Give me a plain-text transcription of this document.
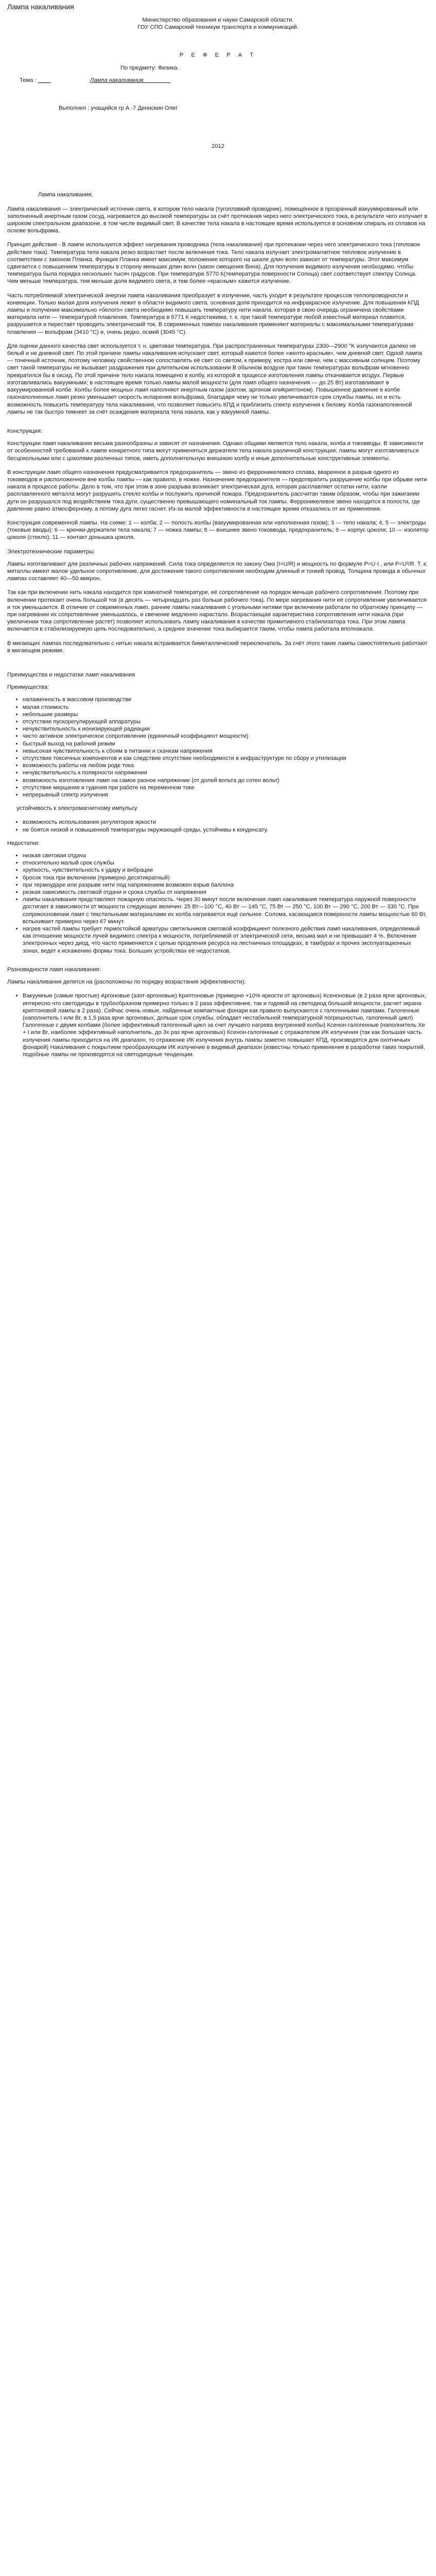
Лампа накаливания

Министерство образования и науки Самарской области.

ГОУ СПО Самарский техникум транспорта и коммуникаций.

Р Е Ф Е Р А Т

По предмету: Физика.

Тема : ____	Лампа накаливания.________

Выполнил : учащийся гр А -7 Денискин Олег

2012

Лампа накаливания.

Лампа накаливания — электрический источник света, в котором тело накала (тугоплавкий проводник), помещённое в прозрачный вакуумированный или заполненный инертным газом сосуд, нагревается до высокой температуры за счёт протекания через него электрического тока, в результате чего излучает в широком спектральном диапазоне, в том числе видимый свет. В качестве тела накала в настоящее время используется в основном спираль из сплавов на основе вольфрама.

Принцип действия - В лампе используется эффект нагревания проводника (тела накаливания) при протекании через него электрического тока (тепловое действие тока). Температура тела накала резко возрастает после включения тока. Тело накала излучает электромагнитное тепловое излучение в соответствии с законом Планка. Функция Планка имеет максимум, положение которого на шкале длин волн зависит от температуры. Этот максимум сдвигается с повышением температуры в сторону меньших длин волн (закон смещения Вина). Для получения видимого излучения необходимо, чтобы температура была порядка нескольких тысяч градусов. При температуре 5770 К(температура поверхности Солнца) свет соответствует спектру Солнца. Чем меньше температура, тем меньше доля видимого света, и тем более «красным» кажется излучение.

Часть потребляемой электрической энергии лампа накаливания преобразует в излучение, часть уходит в результате процессов теплопроводности и конвекции. Только малая доля излучения лежит в области видимого света, основная доля приходится на инфракрасное излучение. Для повышения КПД лампы и получения максимально «белого» света необходимо повышать температуру нити накала, которая в свою очередь ограничена свойствами материала нити — температурой плавления. Температура в 5771 К недостижима, т. к. при такой температуре любой известный материал плавится, разрушается и перестаёт проводить электрический ток. В современных лампах накаливания применяют материалы с максимальными температурами плавления — вольфрам (3410 °C) и, очень редко, осмий (3045 °C).

Для оценки данного качества свет используется т. н. цветовая температура. При распространенных температурах 2300—2900 °K излучаются далеко не белый и не дневной свет. По этой причине лампы накаливания испускают свет, который кажется более «желто-красным», чем дневной свет. Одной лампа — точечный источник, поэтому человеку свойственное сопоставлять её свет со светом, к примеру, костра или свечи, чем с массивным солнцем. Поэтому свет такой температуры не вызывает раздражения при длительном использовании В обычном воздухе при таких температурах вольфрам мгновенно превратился бы в оксид. По этой причине тело накала помещено в колбу, из которой в процессе изготовления лампы откачивается воздух. Первые изготавливались вакуумными; в настоящее время только лампы малой мощности (для ламп общего назначения — до 25 Вт) изготавливают в вакуумированной колбе. Колбы более мощных ламп наполняют инертным газом (азотом, аргоном илиkриптоном). Повышенное давление в колбе газонаполненных ламп резко уменьшает скорость испарения вольфрама, благодаря чему не только увеличивается срок службы лампы, но и есть возможность повысить температуру тела накаливания, что позволяет повысить КПД и приблизить спектр излучения к белому. Колба газонаполненной лампы не так быстро темнеет за счёт осаждения материала тела накала, как у вакуумной лампы.

Конструкция:

Конструкции ламп накаливания весьма разнообразны и зависят от назначения. Однако общими являются тело накала, колба и токовводы. В зависимости от особенностей требований к лампе конкретного типа могут применяться держатели тела накала различной конструкции; лампы могут изготавливаться бесцокольными или с цоколями различных типов, иметь дополнительную внешнюю колбу и иные дополнительные конструктивные элементы.

В конструкции ламп общего назначения предусматривается предохранитель — звено из ферроникелевого сплава, вваренное в разрыв одного из токовводов и расположенное вне колбы лампы — как правило, в ножке. Назначение предохранителя — предотвратить разрушение колбы при обрыве нити накала в процессе работы. Дело в том, что при этом в зоне разрыва возникает электрическая дуга, которая расплавляет остатки нити, капли расплавленного металла могут разрушить стекло колбы и послужить причиной пожара. Предохранитель рассчитан таким образом, чтобы при зажигании дуги он разрушался под воздействием тока дуги, существенно превышающего номинальный ток лампы. Ферроникелевое звено находится в полости, где давление равно атмосферному, а потому дуга легко гаснет. Из-за малой эффективности в настоящее время отказались от их применения.

Конструкция современной лампы. На схеме: 1 — колба; 2 — полость колбы (вакуумированная или наполненная газом); 3 — тело накала; 4, 5 — электроды (токовые вводы); 6 — крючки-держатели тела накала; 7 — ножка лампы; 8 — внешнее звено токоввода, предохранитель; 9 — корпус цоколя; 10 — изолятор цоколя (стекло); 11 — контакт донышка цоколя.

Электротехнические параметры:

Лампы изготавливают для различных рабочих напряжений. Сила тока определяется по закону Ома (I=U/R) и мощность по формуле P=U·I , или P=U²/R. Т. к. металлы имеют малое удельное сопротивление, для достижения такого сопротивления необходим длинный и тонкий провод. Толщина провода в обычных лампах составляет 40—50 микрон.

Так как при включении нить накала находится при комнатной температуре, её сопротивление на порядок меньше рабочего сопротивления. Поэтому при включении протекает очень большой ток (в десять — четырнадцать раз больше рабочего тока). По мере нагревания нити её сопротивление увеличивается и ток уменьшается. В отличие от современных ламп, ранние лампы накаливания с угольными нитями при включении работали по обратному принципу — при нагревании их сопротивление уменьшалось, и свечение медленно нарастало. Возрастающая характеристика сопротивления нити накала (при увеличении тока сопротивление растет) позволяет использовать лампу накаливания в качестве примитивного стабилизатора тока. При этом лампа включается в стабилизируемую цепь последовательно, а среднее значение тока выбирается таким, чтобы лампа работала вполнакала.

В мигающих лампах последовательно с нитью накала встраивается биметаллический переключатель. За счёт этого такие лампы самостоятельно работают в мигающем режиме.

Преимущества и недостатки ламп накаливания

Преимущества:

• налаженность в массовом производстве
• малая стоимость
• небольшие размеры
• отсутствие пускорегулирующей аппаратуры
• нечувствительность к ионизирующей радиации
• чисто активное электрическое сопротивление (единичный коэффициент мощности)
• быстрый выход на рабочий режим
• невысокая чувствительность к сбоям в питании и скачкам напряжения
• отсутствие токсичных компонентов и как следствие отсутствие необходимости в инфраструктуре по сбору и утилизации
• возможность работы на любом роде тока
• нечувствительность к полярности напряжения
• возможность изготовления ламп на самое разное напряжение (от долей вольта до сотен вольт)
• отсутствие мерцания и гудения при работе на переменном токе
• непрерывный спектр излучения

устойчивость к электромагнитному импульсу

• возможность использования регуляторов яркости
• не боятся низкой и повышенной температуры окружающей среды, устойчивы к конденсату.

Недостатки:

• низкая световая отдача
• относительно малый срок службы
• хрупкость, чувствительность к удару и вибрации
• бросок тока при включении (примерно десятикратный)
• при термоударе или разрыве нити под напряжением возможен взрыв баллона
• резкая зависимость световой отдачи и срока службы от напряжения
• лампы накаливания представляют пожарную опасность. Через 30 минут после включения ламп накаливания температура наружной поверхности достигает в зависимости от мощности следующих величин: 25 Вт—100 °C, 40 Вт — 145 °C, 75 Вт — 250 °C, 100 Вт — 290 °C, 200 Вт — 330 °C. При соприкосновении ламп с текстильными материалами их колба нагревается ещё сильнее. Солома, касающаяся поверхности лампы мощностью 60 Вт, вспыхивает примерно через 67 минут.
• нагрев частей лампы требует термостойкой арматуры светильников световой коэффициент полезного действия ламп накаливания, определяемый как отношение мощности лучей видимого спектра к мощности, потребляемой от электрической сети, весьма мал и не превышает 4 %. Включение электронных через диод, что часто применяется с целью продления ресурса на лестничных площадках, в тамбурах и прочих эксплуатационных зонах, ведет к искажению формы тока. Больших устройствах её недостатков.

Разновидности ламп накаливания:

Лампы накаливания делятся на (расположены по порядку возрастания эффективности):

• Вакуумные (самые простые) Аргоновые (азот-аргоновые) Криптоновые (примерно +10% яркости от аргоновых) Ксеноновые (в 2 раза ярче аргоновых, интересно что светодиоды в трубообразном примерно только в 2 раза эффективнее, так и годовой на светодиод большой мощности, расчет экрана криптоновой лампы в 2 раза). Сейчас очень новые, найденные компактные фонари как правило выпускаются с галогенными лампами. Галогенные (наполнитель I или Br, в 1,5 раза ярче аргоновых, дольше срок службы, обладает нестабильной температурной погрешностью, галогенный цикл) Галогенные с двумя колбами (более эффективный галогенный цикл за счет лучшего нагрева внутренней колбы) Ксенон-галогенные (наполнитель Хе + I или Br, наиболее эффективный наполнитель, до 3х раз ярче аргоновых) Ксенон-галогенные с отражателем ИК излучения (так как большая часть излучения лампы приходится на ИК диапазон, то отражение ИК излучения внутрь лампы заметно повышает КПД, производятся для охотничьих фонарей) Накаливания с покрытием преобразующим ИК излучение в видимый диапазон (известны только применения в разработке таких покрытий, подобные лампы не производятся на светодиодные тенденции.
